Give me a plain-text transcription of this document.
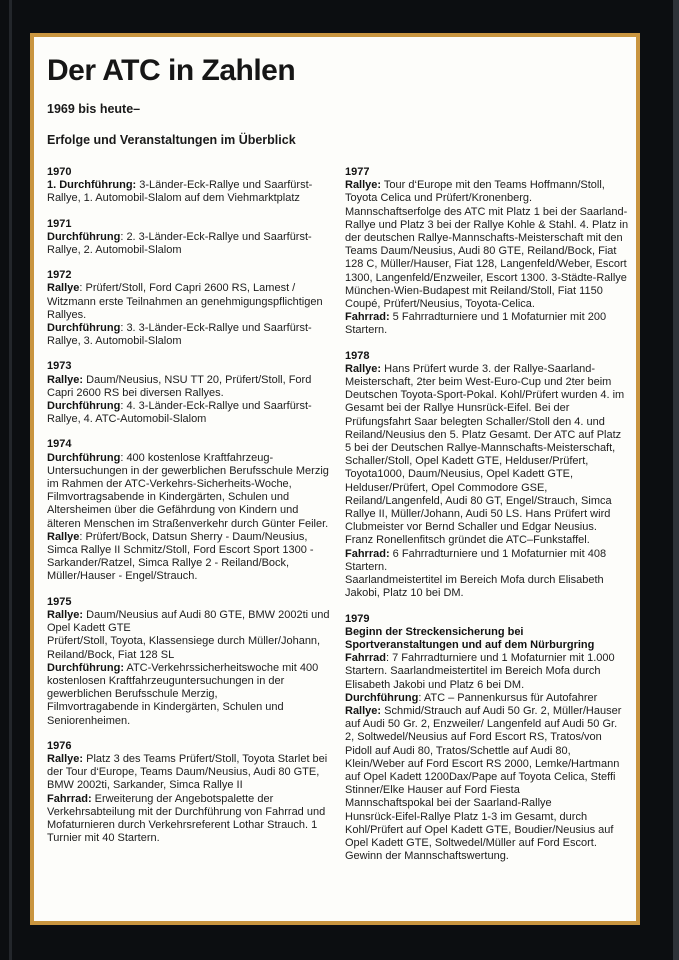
Der ATC in Zahlen

1969 bis heute–

Erfolge und Veranstaltungen im Überblick

1970

1. Durchführung: 3-Länder-Eck-Rallye und Saarfürst-Rallye, 1. Automobil-Slalom auf dem Viehmarktplatz

1971

Durchführung: 2. 3-Länder-Eck-Rallye und Saarfürst-Rallye, 2. Automobil-Slalom

1972

Rallye: Prüfert/Stoll, Ford Capri 2600 RS, Lamest / Witzmann erste Teilnahmen an genehmigungspflichtigen Rallyes.

Durchführung: 3. 3-Länder-Eck-Rallye und Saarfürst-Rallye, 3. Automobil-Slalom

1973

Rallye: Daum/Neusius, NSU TT 20, Prüfert/Stoll, Ford Capri 2600 RS bei diversen Rallyes.

Durchführung: 4. 3-Länder-Eck-Rallye und Saarfürst-Rallye, 4. ATC-Automobil-Slalom

1974

Durchführung: 400 kostenlose Kraftfahrzeug-Untersuchungen in der gewerblichen Berufsschule Merzig im Rahmen der ATC-Verkehrs-Sicherheits-Woche, Filmvortragsabende in Kindergärten, Schulen und Altersheimen über die Gefährdung von Kindern und älteren Menschen im Straßenverkehr durch Günter Feiler.

Rallye: Prüfert/Bock, Datsun Sherry - Daum/Neusius, Simca Rallye II Schmitz/Stoll, Ford Escort Sport 1300 - Sarkander/Ratzel, Simca Rallye 2 - Reiland/Bock, Müller/Hauser - Engel/Strauch.

1975

Rallye: Daum/Neusius auf Audi 80 GTE, BMW 2002ti und Opel Kadett GTE

Prüfert/Stoll, Toyota, Klassensiege durch Müller/Johann, Reiland/Bock, Fiat 128 SL

Durchführung: ATC-Verkehrssicherheitswoche mit 400 kostenlosen Kraftfahrzeuguntersuchungen in der gewerblichen Berufsschule Merzig,

Filmvortragabende in Kindergärten, Schulen und Seniorenheimen.

1976

Rallye: Platz 3 des Teams Prüfert/Stoll, Toyota Starlet bei der Tour d‘Europe, Teams Daum/Neusius, Audi 80 GTE, BMW 2002ti, Sarkander, Simca Rallye II

Fahrrad: Erweiterung der Angebotspalette der Verkehrsabteilung mit der Durchführung von Fahrrad und Mofaturnieren durch Verkehrsreferent Lothar Strauch. 1 Turnier mit 40 Startern.

1977

Rallye: Tour d‘Europe mit den Teams Hoffmann/Stoll, Toyota Celica und Prüfert/Kronenberg. Mannschaftserfolge des ATC mit Platz 1 bei der Saarland-Rallye und Platz 3 bei der Rallye Kohle & Stahl. 4. Platz in der deutschen Rallye-Mannschafts-Meisterschaft mit den Teams Daum/Neusius, Audi 80 GTE, Reiland/Bock, Fiat 128 C, Müller/Hauser, Fiat 128, Langenfeld/Weber, Escort 1300, Langenfeld/Enzweiler, Escort 1300. 3-Städte-Rallye München-Wien-Budapest mit Reiland/Stoll, Fiat 1150 Coupé, Prüfert/Neusius, Toyota-Celica.

Fahrrad: 5 Fahrradturniere und 1 Mofaturnier mit 200 Startern.

1978

Rallye: Hans Prüfert wurde 3. der Rallye-Saarland-Meisterschaft, 2ter beim West-Euro-Cup und 2ter beim Deutschen Toyota-Sport-Pokal. Kohl/Prüfert wurden 4. im Gesamt bei der Rallye Hunsrück-Eifel. Bei der Prüfungsfahrt Saar belegten Schaller/Stoll den 4. und Reiland/Neusius den 5. Platz Gesamt. Der ATC auf Platz 5 bei der Deutschen Rallye-Mannschafts-Meisterschaft, Schaller/Stoll, Opel Kadett GTE, Helduser/Prüfert, Toyota1000, Daum/Neusius, Opel Kadett GTE, Helduser/Prüfert, Opel Commodore GSE, Reiland/Langenfeld, Audi 80 GT, Engel/Strauch, Simca Rallye II, Müller/Johann, Audi 50 LS. Hans Prüfert wird Clubmeister vor Bernd Schaller und Edgar Neusius.

Franz Ronellenfitsch gründet die ATC–Funkstaffel.

Fahrrad: 6 Fahrradturniere und 1 Mofaturnier mit 408 Startern.

Saarlandmeistertitel im Bereich Mofa durch Elisabeth Jakobi, Platz 10 bei DM.

1979

Beginn der Streckensicherung bei Sportveranstaltungen und auf dem Nürburgring

Fahrrad: 7 Fahrradturniere und 1 Mofaturnier mit 1.000 Startern. Saarlandmeistertitel im Bereich Mofa durch Elisabeth Jakobi und Platz 6 bei DM.

Durchführung: ATC – Pannenkursus für Autofahrer

Rallye: Schmid/Strauch auf Audi 50 Gr. 2, Müller/Hauser auf Audi 50 Gr. 2, Enzweiler/ Langenfeld auf Audi 50 Gr. 2, Soltwedel/Neusius auf Ford Escort RS, Tratos/von Pidoll auf Audi 80, Tratos/Schettle auf Audi 80, Klein/Weber auf Ford Escort RS 2000, Lemke/Hartmann auf Opel Kadett 1200Dax/Pape auf Toyota Celica, Steffi Stinner/Elke Hauser auf Ford Fiesta

Mannschaftspokal bei der Saarland-Rallye

Hunsrück-Eifel-Rallye Platz 1-3 im Gesamt, durch Kohl/Prüfert auf Opel Kadett GTE, Boudier/Neusius auf Opel Kadett GTE, Soltwedel/Müller auf Ford Escort. Gewinn der Mannschaftswertung.
